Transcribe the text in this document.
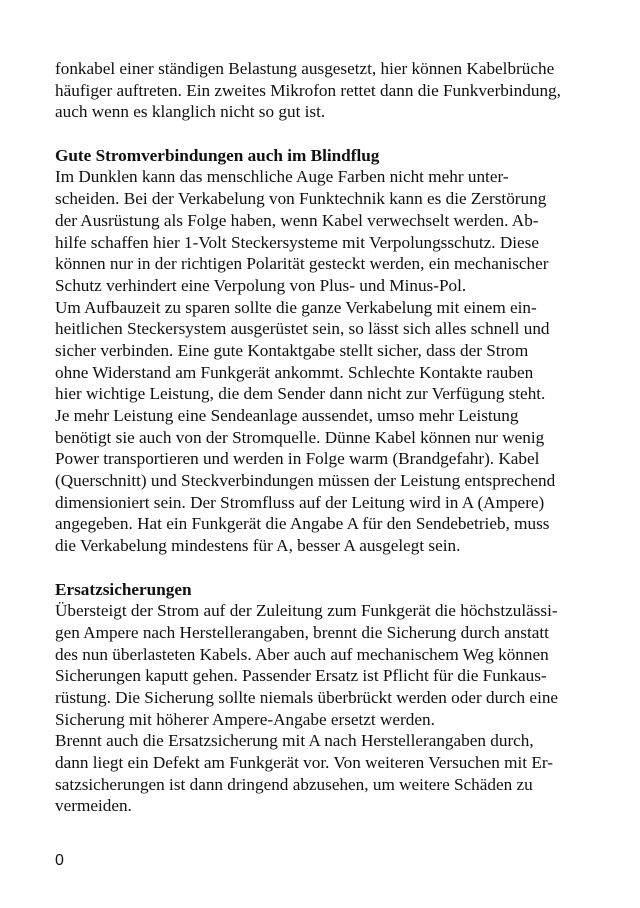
fonkabel einer ständigen Belastung ausgesetzt, hier können Kabelbrüche
häufiger auftreten. Ein zweites Mikrofon rettet dann die Funkverbindung,
auch wenn es klanglich nicht so gut ist.
Gute Stromverbindungen auch im Blindflug
Im Dunklen kann das menschliche Auge Farben nicht mehr unter-
scheiden. Bei der Verkabelung von Funktechnik kann es die Zerstörung
der Ausrüstung als Folge haben, wenn Kabel verwechselt werden. Ab-
hilfe schaffen hier 1-Volt Steckersysteme mit Verpolungsschutz. Diese
können nur in der richtigen Polarität gesteckt werden, ein mechanischer
Schutz verhindert eine Verpolung von Plus- und Minus-Pol.
Um Aufbauzeit zu sparen sollte die ganze Verkabelung mit einem ein-
heitlichen Steckersystem ausgerüstet sein, so lässt sich alles schnell und
sicher verbinden. Eine gute Kontaktgabe stellt sicher, dass der Strom
ohne Widerstand am Funkgerät ankommt. Schlechte Kontakte rauben
hier wichtige Leistung, die dem Sender dann nicht zur Verfügung steht.
Je mehr Leistung eine Sendeanlage aussendet, umso mehr Leistung
benötigt sie auch von der Stromquelle. Dünne Kabel können nur wenig
Power transportieren und werden in Folge warm (Brandgefahr). Kabel
(Querschnitt) und Steckverbindungen müssen der Leistung entsprechend
dimensioniert sein. Der Stromfluss auf der Leitung wird in A (Ampere)
angegeben. Hat ein Funkgerät die Angabe A für den Sendebetrieb, muss
die Verkabelung mindestens für A, besser A ausgelegt sein.
Ersatzsicherungen
Übersteigt der Strom auf der Zuleitung zum Funkgerät die höchstzulässi-
gen Ampere nach Herstellerangaben, brennt die Sicherung durch anstatt
des nun überlasteten Kabels. Aber auch auf mechanischem Weg können
Sicherungen kaputt gehen. Passender Ersatz ist Pflicht für die Funkaus-
rüstung. Die Sicherung sollte niemals überbrückt werden oder durch eine
Sicherung mit höherer Ampere-Angabe ersetzt werden.
Brennt auch die Ersatzsicherung mit A nach Herstellerangaben durch,
dann liegt ein Defekt am Funkgerät vor. Von weiteren Versuchen mit Er-
satzsicherungen ist dann dringend abzusehen, um weitere Schäden zu
vermeiden.
0
